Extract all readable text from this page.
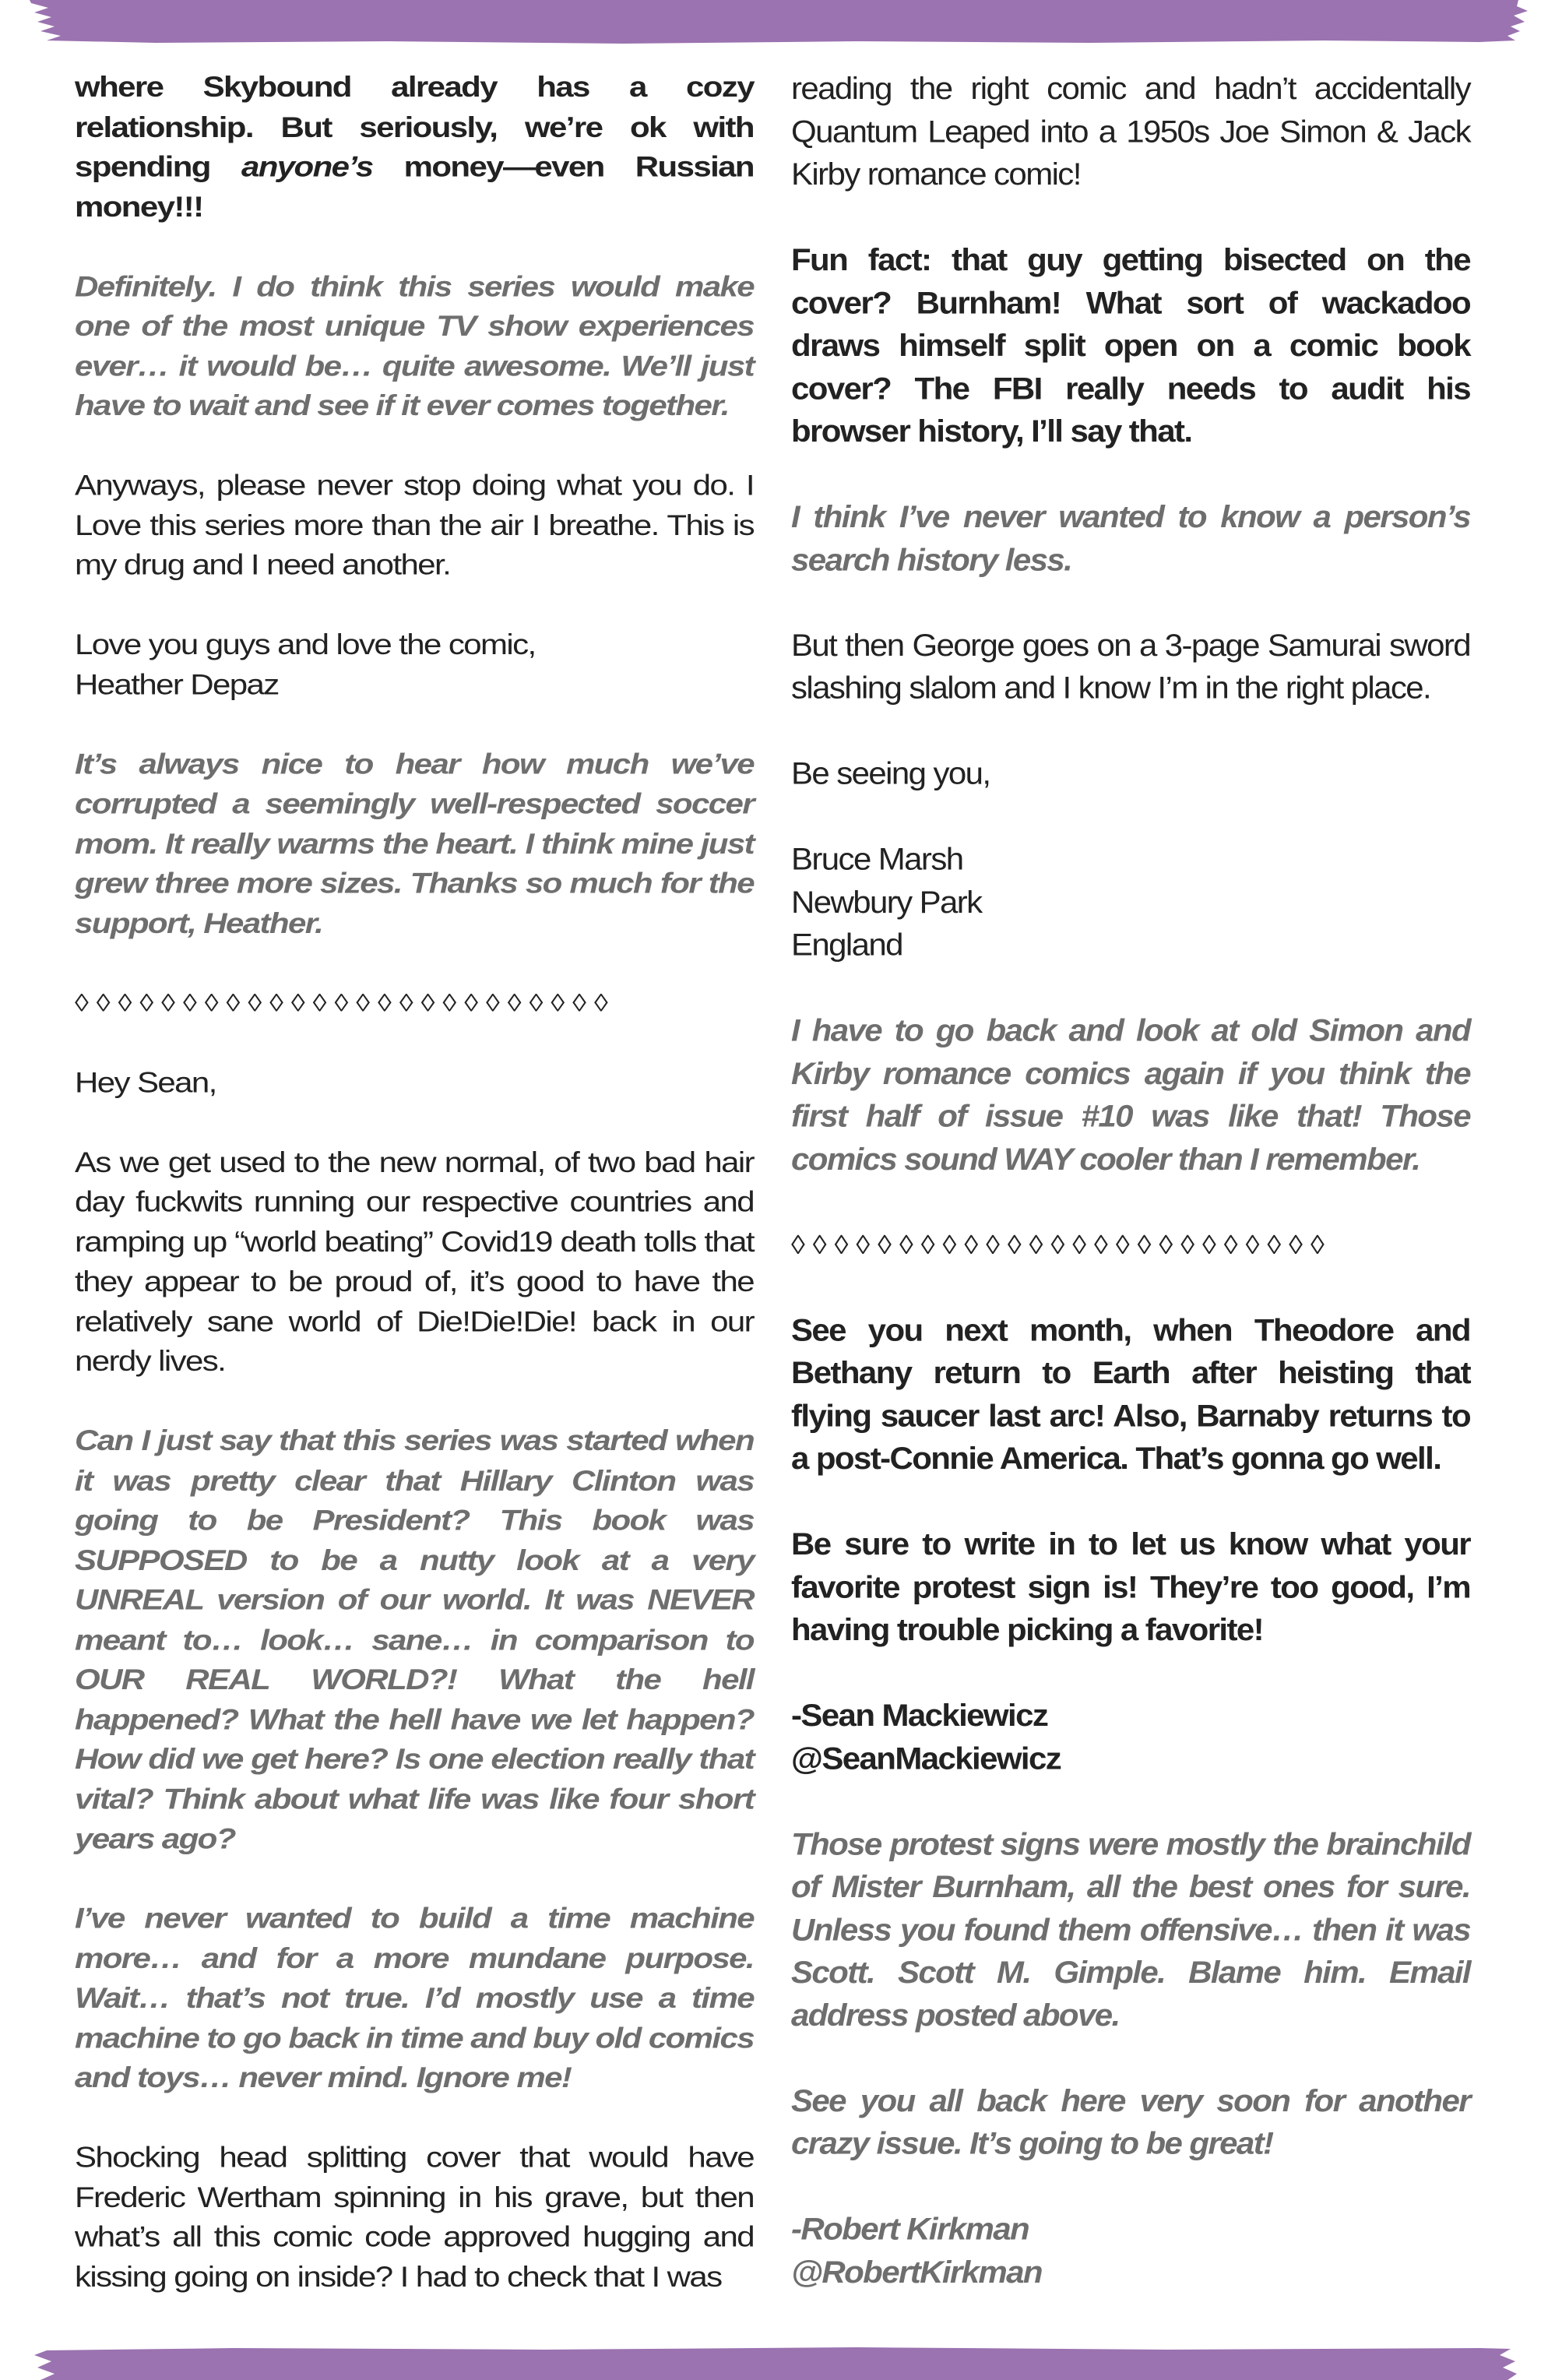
where Skybound already has a cozy relationship. But seriously, we’re ok with spending anyone’s money—even Russian money!!!

Definitely. I do think this series would make one of the most unique TV show experiences ever… it would be… quite awesome. We’ll just have to wait and see if it ever comes together.

Anyways, please never stop doing what you do. I Love this series more than the air I breathe. This is my drug and I need another.

Love you guys and love the comic,

Heather Depaz

It’s always nice to hear how much we’ve corrupted a seemingly well-respected soccer mom. It really warms the heart. I think mine just grew three more sizes. Thanks so much for the support, Heather.

◊◊◊◊◊◊◊◊◊◊◊◊◊◊◊◊◊◊◊◊◊◊◊◊◊

Hey Sean,

As we get used to the new normal, of two bad hair day fuckwits running our respective countries and ramping up “world beating” Covid19 death tolls that they appear to be proud of, it’s good to have the relatively sane world of Die!Die!Die! back in our nerdy lives.

Can I just say that this series was started when it was pretty clear that Hillary Clinton was going to be President? This book was SUPPOSED to be a nutty look at a very UNREAL version of our world. It was NEVER meant to… look… sane… in comparison to OUR REAL WORLD?! What the hell happened? What the hell have we let happen? How did we get here? Is one election really that vital? Think about what life was like four short years ago?

I’ve never wanted to build a time machine more… and for a more mundane purpose. Wait… that’s not true. I’d mostly use a time machine to go back in time and buy old comics and toys… never mind. Ignore me!

Shocking head splitting cover that would have Frederic Wertham spinning in his grave, but then what’s all this comic code approved hugging and kissing going on inside? I had to check that I was

reading the right comic and hadn’t accidentally Quantum Leaped into a 1950s Joe Simon & Jack Kirby romance comic!

Fun fact: that guy getting bisected on the cover? Burnham! What sort of wackadoo draws himself split open on a comic book cover? The FBI really needs to audit his browser history, I’ll say that.

I think I’ve never wanted to know a person’s search history less.

But then George goes on a 3-page Samurai sword slashing slalom and I know I’m in the right place.

Be seeing you,

Bruce Marsh

Newbury Park

England

I have to go back and look at old Simon and Kirby romance comics again if you think the first half of issue #10 was like that! Those comics sound WAY cooler than I remember.

◊◊◊◊◊◊◊◊◊◊◊◊◊◊◊◊◊◊◊◊◊◊◊◊◊

See you next month, when Theodore and Bethany return to Earth after heisting that flying saucer last arc! Also, Barnaby returns to a post-Connie America. That’s gonna go well.

Be sure to write in to let us know what your favorite protest sign is! They’re too good, I’m having trouble picking a favorite!

-Sean Mackiewicz

@SeanMackiewicz

Those protest signs were mostly the brainchild of Mister Burnham, all the best ones for sure. Unless you found them offensive… then it was Scott. Scott M. Gimple. Blame him. Email address posted above.

See you all back here very soon for another crazy issue. It’s going to be great!

-Robert Kirkman

@RobertKirkman
